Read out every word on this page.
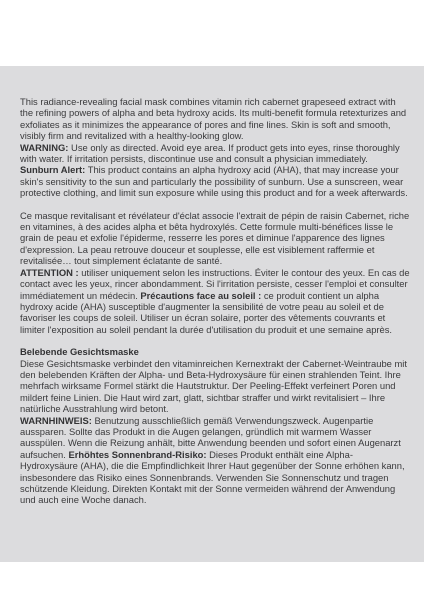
This radiance-revealing facial mask combines vitamin rich cabernet grapeseed extract with the refining powers of alpha and beta hydroxy acids. Its multi-benefit formula retexturizes and exfoliates as it minimizes the appearance of pores and fine lines. Skin is soft and smooth, visibly firm and revitalized with a healthy-looking glow.

WARNING: Use only as directed. Avoid eye area. If product gets into eyes, rinse thoroughly with water. If irritation persists, discontinue use and consult a physician immediately.

Sunburn Alert: This product contains an alpha hydroxy acid (AHA), that may increase your skin's sensitivity to the sun and particularly the possibility of sunburn. Use a sunscreen, wear protective clothing, and limit sun exposure while using this product and for a week afterwards.

Ce masque revitalisant et révélateur d'éclat associe l'extrait de pépin de raisin Cabernet, riche en vitamines, à des acides alpha et bêta hydroxylés. Cette formule multi-bénéfices lisse le grain de peau et exfolie l'épiderme, resserre les pores et diminue l'apparence des lignes d'expression. La peau retrouve douceur et souplesse, elle est visiblement raffermie et revitalisée… tout simplement éclatante de santé.

ATTENTION : utiliser uniquement selon les instructions. Éviter le contour des yeux. En cas de contact avec les yeux, rincer abondamment. Si l'irritation persiste, cesser l'emploi et consulter immédiatement un médecin. Précautions face au soleil : ce produit contient un alpha hydroxy acide (AHA) susceptible d'augmenter la sensibilité de votre peau au soleil et de favoriser les coups de soleil. Utiliser un écran solaire, porter des vêtements couvrants et limiter l'exposition au soleil pendant la durée d'utilisation du produit et une semaine après.

Belebende Gesichtsmaske

Diese Gesichtsmaske verbindet den vitaminreichen Kernextrakt der Cabernet-Weintraube mit den belebenden Kräften der Alpha- und Beta-Hydroxysäure für einen strahlenden Teint. Ihre mehrfach wirksame Formel stärkt die Hautstruktur. Der Peeling-Effekt verfeinert Poren und mildert feine Linien. Die Haut wird zart, glatt, sichtbar straffer und wirkt revitalisiert – Ihre natürliche Ausstrahlung wird betont.

WARNHINWEIS: Benutzung ausschließlich gemäß Verwendungszweck. Augenpartie aussparen. Sollte das Produkt in die Augen gelangen, gründlich mit warmem Wasser ausspülen. Wenn die Reizung anhält, bitte Anwendung beenden und sofort einen Augenarzt aufsuchen. Erhöhtes Sonnenbrand-Risiko: Dieses Produkt enthält eine Alpha-Hydroxysäure (AHA), die die Empfindlichkeit Ihrer Haut gegenüber der Sonne erhöhen kann, insbesondere das Risiko eines Sonnenbrands. Verwenden Sie Sonnenschutz und tragen schützende Kleidung. Direkten Kontakt mit der Sonne vermeiden während der Anwendung und auch eine Woche danach.
